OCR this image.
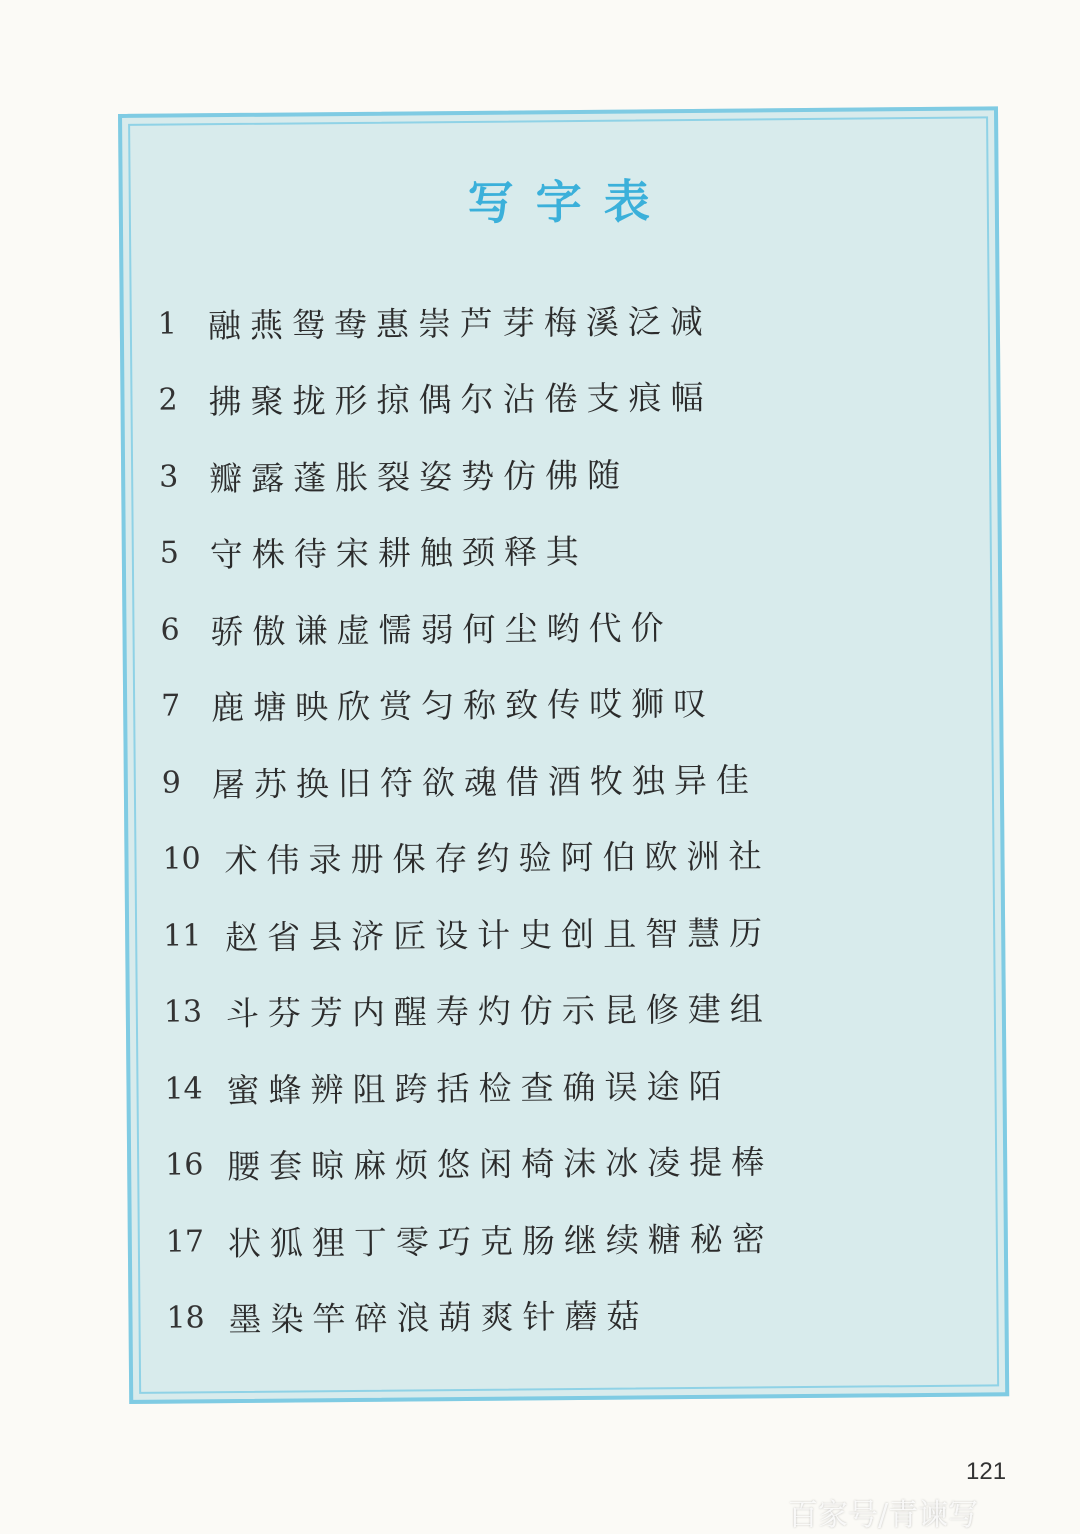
写字表
1 融燕鸳鸯惠崇芦芽梅溪泛减
2 拂聚拢形掠偶尔沾倦支痕幅
3 瓣露蓬胀裂姿势仿佛随
5 守株待宋耕触颈释其
6 骄傲谦虚懦弱何尘哟代价
7 鹿塘映欣赏匀称致传哎狮叹
9 屠苏换旧符欲魂借酒牧独异佳
10 术伟录册保存约验阿伯欧洲社
11 赵省县济匠设计史创且智慧历
13 斗芬芳内醒寿灼仿示昆修建组
14 蜜蜂辨阻跨括检查确误途陌
16 腰套晾麻烦悠闲椅沫冰凌提棒
17 状狐狸丁零巧克肠继续糖秘密
18 墨染竿碎浪葫爽针蘑菇
121
百家号/青谏写
